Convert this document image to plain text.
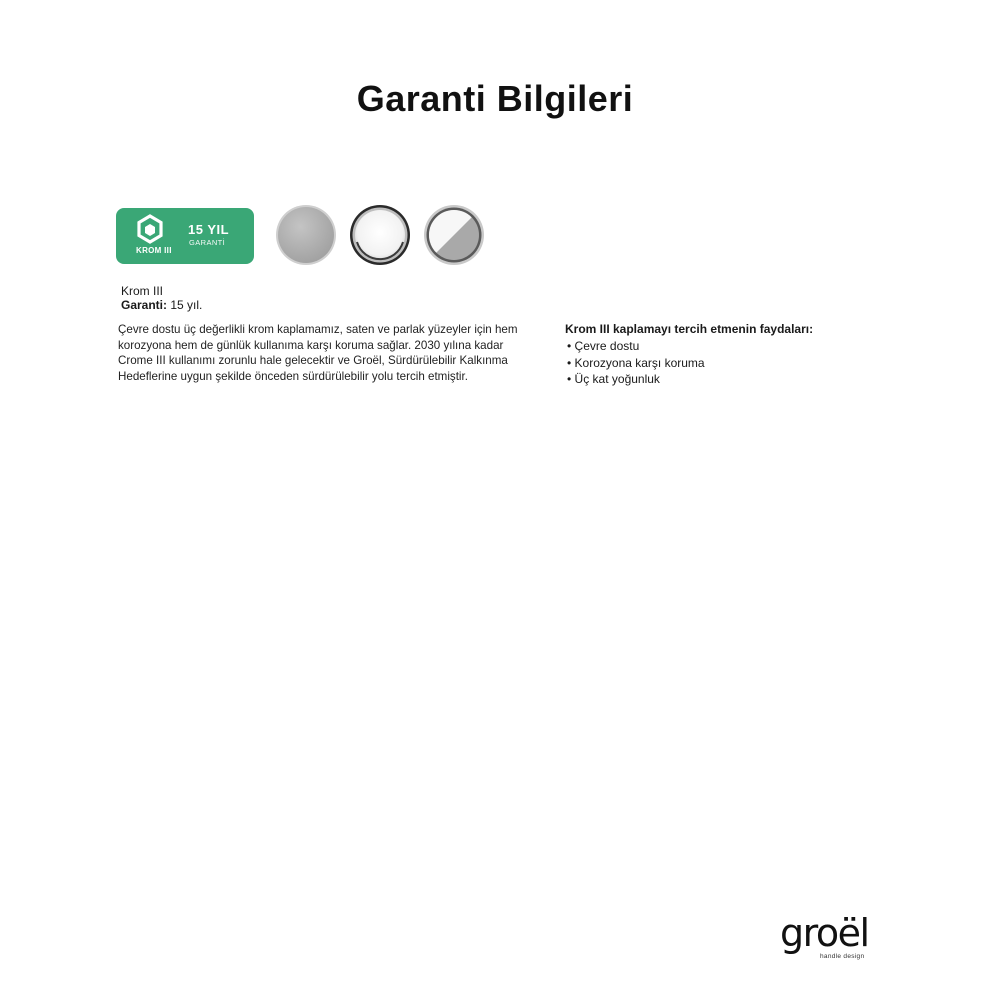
Garanti Bilgileri
KROM III
15 YIL
GARANTİ
Krom III
Garanti: 15 yıl.
Çevre dostu üç değerlikli krom kaplamamız, saten ve parlak yüzeyler için hem korozyona hem de günlük kullanıma karşı koruma sağlar. 2030 yılına kadar Crome III kullanımı zorunlu hale gelecektir ve Groël, Sürdürülebilir Kalkınma Hedeflerine uygun şekilde önceden sürdürülebilir yolu tercih etmiştir.
Krom III kaplamayı tercih etmenin faydaları:
• Çevre dostu
• Korozyona karşı koruma
• Üç kat yoğunluk
groël
handle design
